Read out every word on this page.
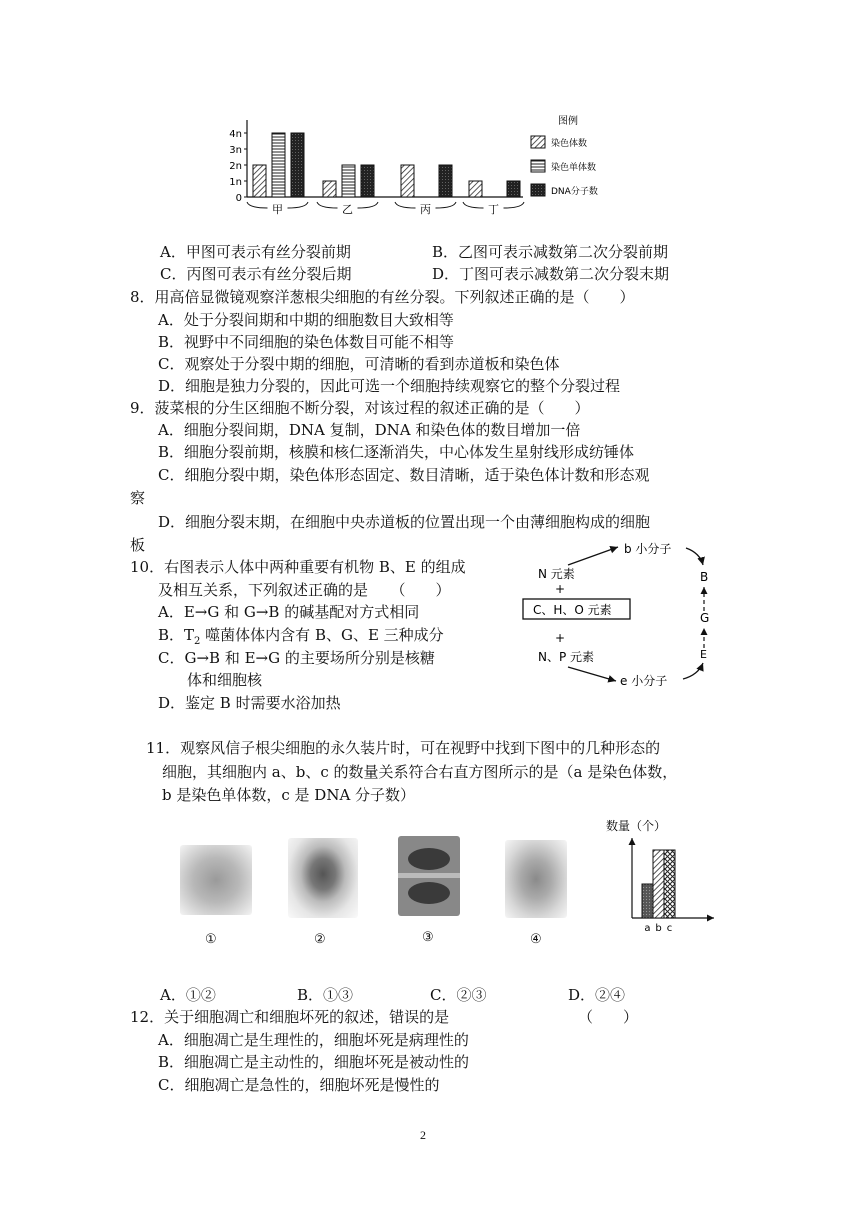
0
1n
2n
3n
4n
甲	乙	丙	丁
图例
染色体数
染色单体数
DNA分子数
A．甲图可表示有丝分裂前期	B．乙图可表示减数第二次分裂前期
C．丙图可表示有丝分裂后期	D．丁图可表示减数第二次分裂末期
8．用高倍显微镜观察洋葱根尖细胞的有丝分裂。下列叙述正确的是（　　）
A．处于分裂间期和中期的细胞数目大致相等
B．视野中不同细胞的染色体数目可能不相等
C．观察处于分裂中期的细胞，可清晰的看到赤道板和染色体
D．细胞是独力分裂的，因此可选一个细胞持续观察它的整个分裂过程
9．菠菜根的分生区细胞不断分裂，对该过程的叙述正确的是（　　）
A．细胞分裂间期，DNA 复制，DNA 和染色体的数目增加一倍
B．细胞分裂前期，核膜和核仁逐渐消失，中心体发生星射线形成纺锤体
C．细胞分裂中期，染色体形态固定、数目清晰，适于染色体计数和形态观
察
D．细胞分裂末期，在细胞中央赤道板的位置出现一个由薄细胞构成的细胞
板
10．右图表示人体中两种重要有机物 B、E 的组成
及相互关系，下列叙述正确的是　　（　　）
A．E→G 和 G→B 的碱基配对方式相同
B．$T_2$ 噬菌体体内含有 B、G、E 三种成分
C．G→B 和 E→G 的主要场所分别是核糖
体和细胞核
D．鉴定 B 时需要水浴加热
N 元素
+
C、H、O 元素
+
N、P 元素
b 小分子
e 小分子
B
G
E
11．观察风信子根尖细胞的永久装片时，可在视野中找到下图中的几种形态的
细胞，其细胞内 a、b、c 的数量关系符合右直方图所示的是（a 是染色体数，
b 是染色单体数，c 是 DNA 分子数）
①	②	③	④
数量（个）
a b c
A．①②	B．①③	C．②③	D．②④
12．关于细胞凋亡和细胞坏死的叙述，错误的是	（　　）
A．细胞凋亡是生理性的，细胞坏死是病理性的
B．细胞凋亡是主动性的，细胞坏死是被动性的
C．细胞凋亡是急性的，细胞坏死是慢性的
2
